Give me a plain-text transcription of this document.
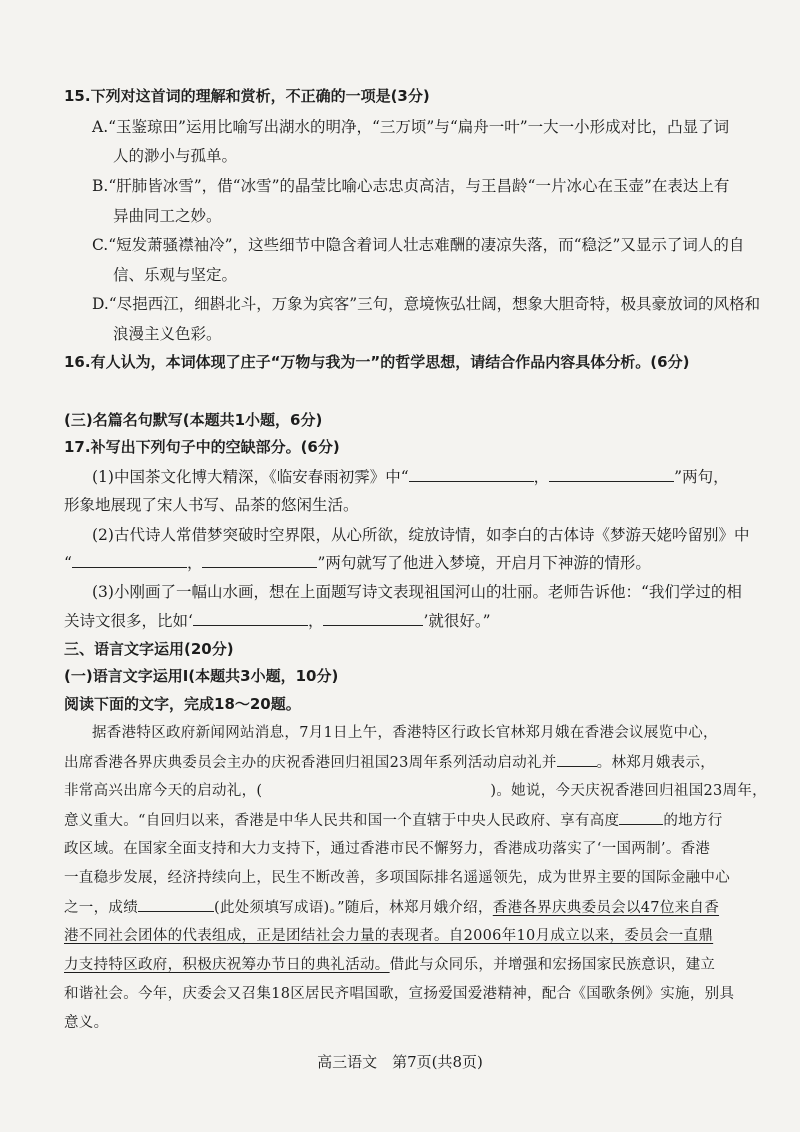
15.下列对这首词的理解和赏析，不正确的一项是(3分)
A.“玉鉴琼田”运用比喻写出湖水的明净，“三万顷”与“扁舟一叶”一大一小形成对比，凸显了词
人的渺小与孤单。
B.“肝肺皆冰雪”，借“冰雪”的晶莹比喻心志忠贞高洁，与王昌龄“一片冰心在玉壶”在表达上有
异曲同工之妙。
C.“短发萧骚襟袖冷”，这些细节中隐含着词人壮志难酬的凄凉失落，而“稳泛”又显示了词人的自
信、乐观与坚定。
D.“尽挹西江，细斟北斗，万象为宾客”三句，意境恢弘壮阔，想象大胆奇特，极具豪放词的风格和
浪漫主义色彩。
16.有人认为，本词体现了庄子“万物与我为一”的哲学思想，请结合作品内容具体分析。(6分)
(三)名篇名句默写(本题共1小题，6分)
17.补写出下列句子中的空缺部分。(6分)
(1)中国茶文化博大精深，《临安春雨初霁》中“	，	”两句，
形象地展现了宋人书写、品茶的悠闲生活。
(2)古代诗人常借梦突破时空界限，从心所欲，绽放诗情，如李白的古体诗《梦游天姥吟留别》中
“	，	”两句就写了他进入梦境，开启月下神游的情形。
(3)小刚画了一幅山水画，想在上面题写诗文表现祖国河山的壮丽。老师告诉他：“我们学过的相
关诗文很多，比如‘	，	’就很好。”
三、语言文字运用(20分)
(一)语言文字运用Ⅰ(本题共3小题，10分)
阅读下面的文字，完成18～20题。
据香港特区政府新闻网站消息，7月1日上午，香港特区行政长官林郑月娥在香港会议展览中心，
出席香港各界庆典委员会主办的庆祝香港回归祖国23周年系列活动启动礼并	。林郑月娥表示，
非常高兴出席今天的启动礼，(	)。她说，今天庆祝香港回归祖国23周年，
意义重大。“自回归以来，香港是中华人民共和国一个直辖于中央人民政府、享有高度	的地方行
政区域。在国家全面支持和大力支持下，通过香港市民不懈努力，香港成功落实了‘一国两制’。香港
一直稳步发展，经济持续向上，民生不断改善，多项国际排名遥遥领先，成为世界主要的国际金融中心
之一，成绩	(此处须填写成语)。”随后，林郑月娥介绍，香港各界庆典委员会以47位来自香
港不同社会团体的代表组成，正是团结社会力量的表现者。自2006年10月成立以来，委员会一直鼎
力支持特区政府，积极庆祝筹办节日的典礼活动。借此与众同乐，并增强和宏扬国家民族意识，建立
和谐社会。今年，庆委会又召集18区居民齐唱国歌，宣扬爱国爱港精神，配合《国歌条例》实施，别具
意义。
高三语文　第7页(共8页)
